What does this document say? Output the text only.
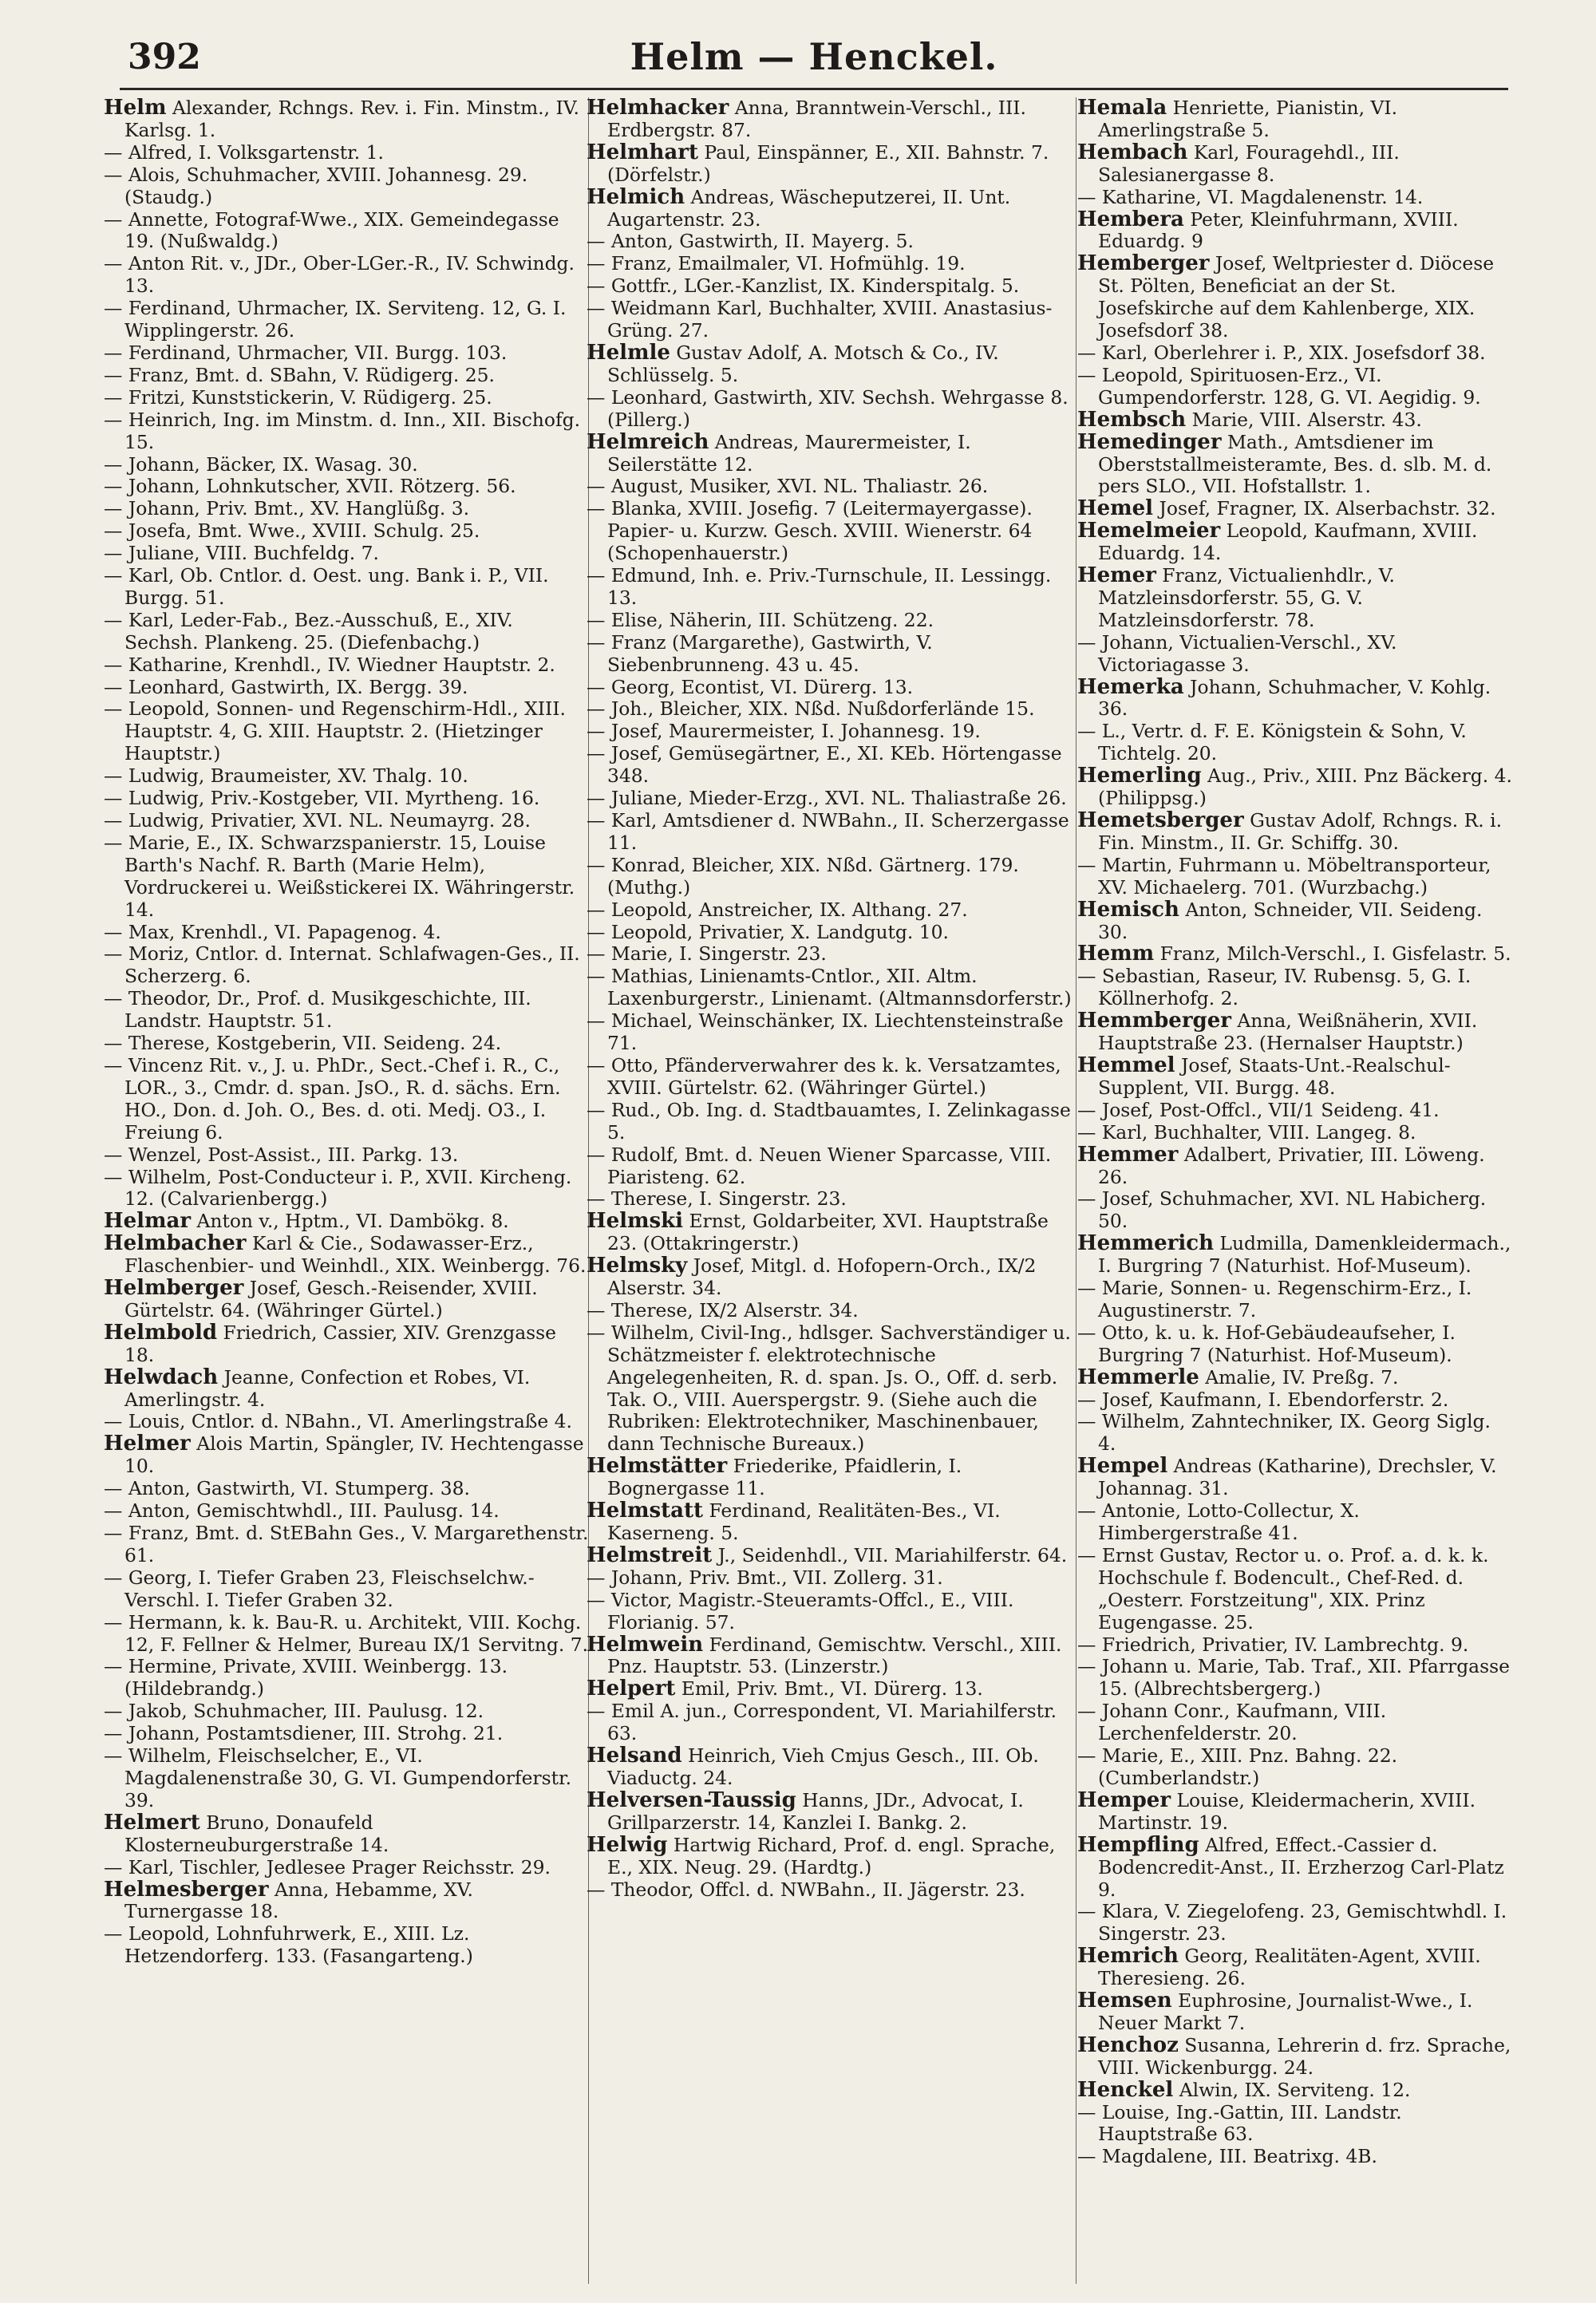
392	Helm — Henckel.

Helm Alexander, Rchngs. Rev. i. Fin. Minstm., IV. Karlsg. 1.

— Alfred, I. Volksgartenstr. 1.

— Alois, Schuhmacher, XVIII. Johannesg. 29. (Staudg.)

— Annette, Fotograf-Wwe., XIX. Gemeindegasse 19. (Nußwaldg.)

— Anton Rit. v., JDr., Ober-LGer.-R., IV. Schwindg. 13.

— Ferdinand, Uhrmacher, IX. Serviteng. 12, G. I. Wipplingerstr. 26.

— Ferdinand, Uhrmacher, VII. Burgg. 103.

— Franz, Bmt. d. SBahn, V. Rüdigerg. 25.

— Fritzi, Kunststickerin, V. Rüdigerg. 25.

— Heinrich, Ing. im Minstm. d. Inn., XII. Bischofg. 15.

— Johann, Bäcker, IX. Wasag. 30.

— Johann, Lohnkutscher, XVII. Rötzerg. 56.

— Johann, Priv. Bmt., XV. Hanglüßg. 3.

— Josefa, Bmt. Wwe., XVIII. Schulg. 25.

— Juliane, VIII. Buchfeldg. 7.

— Karl, Ob. Cntlor. d. Oest. ung. Bank i. P., VII. Burgg. 51.

— Karl, Leder-Fab., Bez.-Ausschuß, E., XIV. Sechsh. Plankeng. 25. (Diefenbachg.)

— Katharine, Krenhdl., IV. Wiedner Hauptstr. 2.

— Leonhard, Gastwirth, IX. Bergg. 39.

— Leopold, Sonnen- und Regenschirm-Hdl., XIII. Hauptstr. 4, G. XIII. Hauptstr. 2. (Hietzinger Hauptstr.)

— Ludwig, Braumeister, XV. Thalg. 10.

— Ludwig, Priv.-Kostgeber, VII. Myrtheng. 16.

— Ludwig, Privatier, XVI. NL. Neumayrg. 28.

— Marie, E., IX. Schwarzspanierstr. 15, Louise Barth's Nachf. R. Barth (Marie Helm), Vordruckerei u. Weißstickerei IX. Währingerstr. 14.

— Max, Krenhdl., VI. Papagenog. 4.

— Moriz, Cntlor. d. Internat. Schlafwagen-Ges., II. Scherzerg. 6.

— Theodor, Dr., Prof. d. Musikgeschichte, III. Landstr. Hauptstr. 51.

— Therese, Kostgeberin, VII. Seideng. 24.

— Vincenz Rit. v., J. u. PhDr., Sect.-Chef i. R., C., LOR., 3., Cmdr. d. span. JsO., R. d. sächs. Ern. HO., Don. d. Joh. O., Bes. d. oti. Medj. O3., I. Freiung 6.

— Wenzel, Post-Assist., III. Parkg. 13.

— Wilhelm, Post-Conducteur i. P., XVII. Kircheng. 12. (Calvarienbergg.)

Helmar Anton v., Hptm., VI. Dambökg. 8.

Helmbacher Karl & Cie., Sodawasser-Erz., Flaschenbier- und Weinhdl., XIX. Weinbergg. 76.

Helmberger Josef, Gesch.-Reisender, XVIII. Gürtelstr. 64. (Währinger Gürtel.)

Helmbold Friedrich, Cassier, XIV. Grenzgasse 18.

Helwdach Jeanne, Confection et Robes, VI. Amerlingstr. 4.

— Louis, Cntlor. d. NBahn., VI. Amerlingstraße 4.

Helmer Alois Martin, Spängler, IV. Hechtengasse 10.

— Anton, Gastwirth, VI. Stumperg. 38.

— Anton, Gemischtwhdl., III. Paulusg. 14.

— Franz, Bmt. d. StEBahn Ges., V. Margarethenstr. 61.

— Georg, I. Tiefer Graben 23, Fleischselchw.-Verschl. I. Tiefer Graben 32.

— Hermann, k. k. Bau-R. u. Architekt, VIII. Kochg. 12, F. Fellner & Helmer, Bureau IX/1 Servitng. 7.

— Hermine, Private, XVIII. Weinbergg. 13. (Hildebrandg.)

— Jakob, Schuhmacher, III. Paulusg. 12.

— Johann, Postamtsdiener, III. Strohg. 21.

— Wilhelm, Fleischselcher, E., VI. Magdalenenstraße 30, G. VI. Gumpendorferstr. 39.

Helmert Bruno, Donaufeld Klosterneuburgerstraße 14.

— Karl, Tischler, Jedlesee Prager Reichsstr. 29.

Helmesberger Anna, Hebamme, XV. Turnergasse 18.

— Leopold, Lohnfuhrwerk, E., XIII. Lz. Hetzendorferg. 133. (Fasangarteng.)

Helmhacker Anna, Branntwein-Verschl., III. Erdbergstr. 87.

Helmhart Paul, Einspänner, E., XII. Bahnstr. 7. (Dörfelstr.)

Helmich Andreas, Wäscheputzerei, II. Unt. Augartenstr. 23.

— Anton, Gastwirth, II. Mayerg. 5.

— Franz, Emailmaler, VI. Hofmühlg. 19.

— Gottfr., LGer.-Kanzlist, IX. Kinderspitalg. 5.

— Weidmann Karl, Buchhalter, XVIII. Anastasius-Grüng. 27.

Helmle Gustav Adolf, A. Motsch & Co., IV. Schlüsselg. 5.

— Leonhard, Gastwirth, XIV. Sechsh. Wehrgasse 8. (Pillerg.)

Helmreich Andreas, Maurermeister, I. Seilerstätte 12.

— August, Musiker, XVI. NL. Thaliastr. 26.

— Blanka, XVIII. Josefig. 7 (Leitermayergasse). Papier- u. Kurzw. Gesch. XVIII. Wienerstr. 64 (Schopenhauerstr.)

— Edmund, Inh. e. Priv.-Turnschule, II. Lessingg. 13.

— Elise, Näherin, III. Schützeng. 22.

— Franz (Margarethe), Gastwirth, V. Siebenbrunneng. 43 u. 45.

— Georg, Econtist, VI. Dürerg. 13.

— Joh., Bleicher, XIX. Nßd. Nußdorferlände 15.

— Josef, Maurermeister, I. Johannesg. 19.

— Josef, Gemüsegärtner, E., XI. KEb. Hörtengasse 348.

— Juliane, Mieder-Erzg., XVI. NL. Thaliastraße 26.

— Karl, Amtsdiener d. NWBahn., II. Scherzergasse 11.

— Konrad, Bleicher, XIX. Nßd. Gärtnerg. 179. (Muthg.)

— Leopold, Anstreicher, IX. Althang. 27.

— Leopold, Privatier, X. Landgutg. 10.

— Marie, I. Singerstr. 23.

— Mathias, Linienamts-Cntlor., XII. Altm. Laxenburgerstr., Linienamt. (Altmannsdorferstr.)

— Michael, Weinschänker, IX. Liechtensteinstraße 71.

— Otto, Pfänderverwahrer des k. k. Versatzamtes, XVIII. Gürtelstr. 62. (Währinger Gürtel.)

— Rud., Ob. Ing. d. Stadtbauamtes, I. Zelinkagasse 5.

— Rudolf, Bmt. d. Neuen Wiener Sparcasse, VIII. Piaristeng. 62.

— Therese, I. Singerstr. 23.

Helmski Ernst, Goldarbeiter, XVI. Hauptstraße 23. (Ottakringerstr.)

Helmsky Josef, Mitgl. d. Hofopern-Orch., IX/2 Alserstr. 34.

— Therese, IX/2 Alserstr. 34.

— Wilhelm, Civil-Ing., hdlsger. Sachverständiger u. Schätzmeister f. elektrotechnische Angelegenheiten, R. d. span. Js. O., Off. d. serb. Tak. O., VIII. Auerspergstr. 9. (Siehe auch die Rubriken: Elektrotechniker, Maschinenbauer, dann Technische Bureaux.)

Helmstätter Friederike, Pfaidlerin, I. Bognergasse 11.

Helmstatt Ferdinand, Realitäten-Bes., VI. Kaserneng. 5.

Helmstreit J., Seidenhdl., VII. Mariahilferstr. 64.

— Johann, Priv. Bmt., VII. Zollerg. 31.

— Victor, Magistr.-Steueramts-Offcl., E., VIII. Florianig. 57.

Helmwein Ferdinand, Gemischtw. Verschl., XIII. Pnz. Hauptstr. 53. (Linzerstr.)

Helpert Emil, Priv. Bmt., VI. Dürerg. 13.

— Emil A. jun., Correspondent, VI. Mariahilferstr. 63.

Helsand Heinrich, Vieh Cmjus Gesch., III. Ob. Viaductg. 24.

Helversen-Taussig Hanns, JDr., Advocat, I. Grillparzerstr. 14, Kanzlei I. Bankg. 2.

Helwig Hartwig Richard, Prof. d. engl. Sprache, E., XIX. Neug. 29. (Hardtg.)

— Theodor, Offcl. d. NWBahn., II. Jägerstr. 23.

Hemala Henriette, Pianistin, VI. Amerlingstraße 5.

Hembach Karl, Fouragehdl., III. Salesianergasse 8.

— Katharine, VI. Magdalenenstr. 14.

Hembera Peter, Kleinfuhrmann, XVIII. Eduardg. 9

Hemberger Josef, Weltpriester d. Diöcese St. Pölten, Beneficiat an der St. Josefskirche auf dem Kahlenberge, XIX. Josefsdorf 38.

— Karl, Oberlehrer i. P., XIX. Josefsdorf 38.

— Leopold, Spirituosen-Erz., VI. Gumpendorferstr. 128, G. VI. Aegidig. 9.

Hembsch Marie, VIII. Alserstr. 43.

Hemedinger Math., Amtsdiener im Oberststallmeisteramte, Bes. d. slb. M. d. pers SLO., VII. Hofstallstr. 1.

Hemel Josef, Fragner, IX. Alserbachstr. 32.

Hemelmeier Leopold, Kaufmann, XVIII. Eduardg. 14.

Hemer Franz, Victualienhdlr., V. Matzleinsdorferstr. 55, G. V. Matzleinsdorferstr. 78.

— Johann, Victualien-Verschl., XV. Victoriagasse 3.

Hemerka Johann, Schuhmacher, V. Kohlg. 36.

— L., Vertr. d. F. E. Königstein & Sohn, V. Tichtelg. 20.

Hemerling Aug., Priv., XIII. Pnz Bäckerg. 4. (Philippsg.)

Hemetsberger Gustav Adolf, Rchngs. R. i. Fin. Minstm., II. Gr. Schiffg. 30.

— Martin, Fuhrmann u. Möbeltransporteur, XV. Michaelerg. 701. (Wurzbachg.)

Hemisch Anton, Schneider, VII. Seideng. 30.

Hemm Franz, Milch-Verschl., I. Gisfelastr. 5.

— Sebastian, Raseur, IV. Rubensg. 5, G. I. Köllnerhofg. 2.

Hemmberger Anna, Weißnäherin, XVII. Hauptstraße 23. (Hernalser Hauptstr.)

Hemmel Josef, Staats-Unt.-Realschul-Supplent, VII. Burgg. 48.

— Josef, Post-Offcl., VII/1 Seideng. 41.

— Karl, Buchhalter, VIII. Langeg. 8.

Hemmer Adalbert, Privatier, III. Löweng. 26.

— Josef, Schuhmacher, XVI. NL Habicherg. 50.

Hemmerich Ludmilla, Damenkleidermach., I. Burgring 7 (Naturhist. Hof-Museum).

— Marie, Sonnen- u. Regenschirm-Erz., I. Augustinerstr. 7.

— Otto, k. u. k. Hof-Gebäudeaufseher, I. Burgring 7 (Naturhist. Hof-Museum).

Hemmerle Amalie, IV. Preßg. 7.

— Josef, Kaufmann, I. Ebendorferstr. 2.

— Wilhelm, Zahntechniker, IX. Georg Siglg. 4.

Hempel Andreas (Katharine), Drechsler, V. Johannag. 31.

— Antonie, Lotto-Collectur, X. Himbergerstraße 41.

— Ernst Gustav, Rector u. o. Prof. a. d. k. k. Hochschule f. Bodencult., Chef-Red. d. „Oesterr. Forstzeitung", XIX. Prinz Eugengasse. 25.

— Friedrich, Privatier, IV. Lambrechtg. 9.

— Johann u. Marie, Tab. Traf., XII. Pfarrgasse 15. (Albrechtsbergerg.)

— Johann Conr., Kaufmann, VIII. Lerchenfelderstr. 20.

— Marie, E., XIII. Pnz. Bahng. 22. (Cumberlandstr.)

Hemper Louise, Kleidermacherin, XVIII. Martinstr. 19.

Hempfling Alfred, Effect.-Cassier d. Bodencredit-Anst., II. Erzherzog Carl-Platz 9.

— Klara, V. Ziegelofeng. 23, Gemischtwhdl. I. Singerstr. 23.

Hemrich Georg, Realitäten-Agent, XVIII. Theresieng. 26.

Hemsen Euphrosine, Journalist-Wwe., I. Neuer Markt 7.

Henchoz Susanna, Lehrerin d. frz. Sprache, VIII. Wickenburgg. 24.

Henckel Alwin, IX. Serviteng. 12.

— Louise, Ing.-Gattin, III. Landstr. Hauptstraße 63.

— Magdalene, III. Beatrixg. 4B.
